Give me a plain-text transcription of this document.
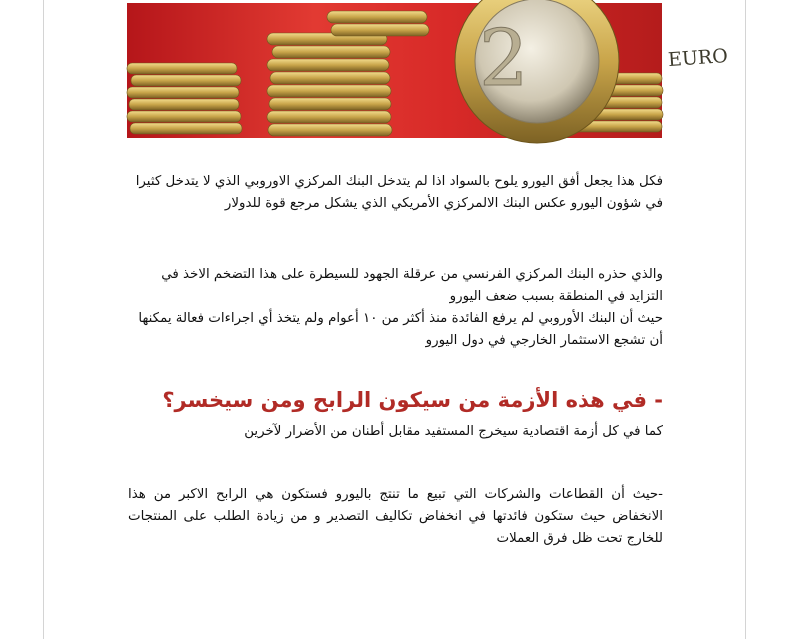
2	EURO

فكل هذا يجعل أفق اليورو يلوح بالسواد اذا لم يتدخل البنك المركزي الاوروبي الذي لا يتدخل كثيرا في شؤون اليورو عكس البنك الالمركزي الأمريكي الذي يشكل مرجع قوة للدولار

والذي حذره البنك المركزي الفرنسي من عرقلة الجهود للسيطرة على هذا التضخم الاخذ في التزايد في المنطقة بسبب ضعف اليورو
حيث أن البنك الأوروبي لم يرفع الفائدة منذ أكثر من ١٠ أعوام ولم يتخذ أي اجراءات فعالة يمكنها أن تشجع الاستثمار الخارجي في دول اليورو
- في هذه الأزمة من سيكون الرابح ومن سيخسر؟

كما في كل أزمة اقتصادية سيخرج المستفيد مقابل أطنان من الأضرار لآخرين

-حيث أن القطاعات والشركات التي تبيع ما تنتج باليورو فستكون هي الرابح الاكبر من هذا الانخفاض حيث ستكون فائدتها في انخفاض تكاليف التصدير و من زيادة الطلب على المنتجات للخارج تحت ظل فرق العملات
